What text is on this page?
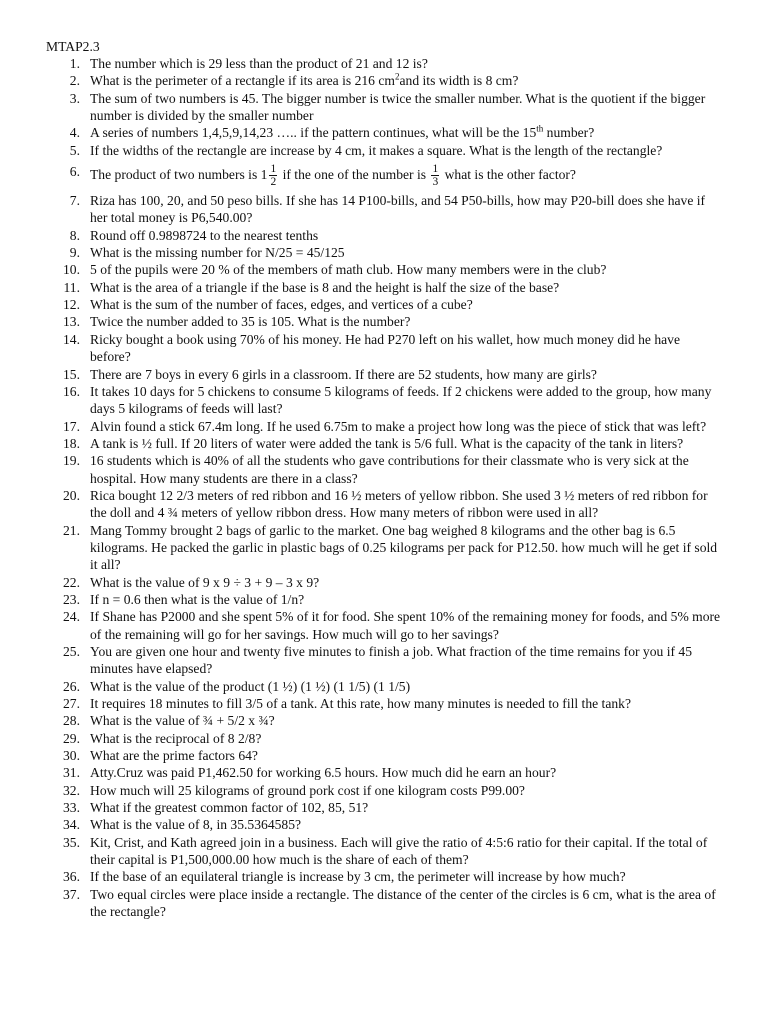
MTAP2.3
1. The number which is 29 less than the product of 21 and 12 is?
2. What is the perimeter of a rectangle if its area is 216 $cm^2and$ its width is 8 cm?
3. The sum of two numbers is 45. The bigger number is twice the smaller number. What is the quotient if the bigger number is divided by the smaller number
4. A series of numbers 1,4,5,9,14,23 ….. if the pattern continues, what will be the 15th number?
5. If the widths of the rectangle are increase by 4 cm, it makes a square. What is the length of the rectangle?
6. The product of two numbers is $1 \frac{1}{2}$ if the one of the number is $\frac{1}{3}$ what is the other factor?
7. Riza has 100, 20, and 50 peso bills. If she has 14 P100-bills, and 54 P50-bills, how may P20-bill does she have if her total money is P6,540.00?
8. Round off 0.9898724 to the nearest tenths
9. What is the missing number for N/25 = 45/125
10. 5 of the pupils were 20 % of the members of math club. How many members were in the club?
11. What is the area of a triangle if the base is 8 and the height is half the size of the base?
12. What is the sum of the number of faces, edges, and vertices of a cube?
13. Twice the number added to 35 is 105. What is the number?
14. Ricky bought a book using 70% of his money. He had P270 left on his wallet, how much money did he have before?
15. There are 7 boys in every 6 girls in a classroom. If there are 52 students, how many are girls?
16. It takes 10 days for 5 chickens to consume 5 kilograms of feeds. If 2 chickens were added to the group, how many days 5 kilograms of feeds will last?
17. Alvin found a stick 67.4m long. If he used 6.75m to make a project how long was the piece of stick that was left?
18. A tank is ½ full. If 20 liters of water were added the tank is 5/6 full. What is the capacity of the tank in liters?
19. 16 students which is 40% of all the students who gave contributions for their classmate who is very sick at the hospital. How many students are there in a class?
20. Rica bought 12 2/3 meters of red ribbon and 16 ½ meters of yellow ribbon. She used 3 ½ meters of red ribbon for the doll and 4 ¾ meters of yellow ribbon dress. How many meters of ribbon were used in all?
21. Mang Tommy brought 2 bags of garlic to the market. One bag weighed 8 kilograms and the other bag is 6.5 kilograms. He packed the garlic in plastic bags of 0.25 kilograms per pack for P12.50. how much will he get if sold it all?
22. What is the value of 9 x 9 ÷ 3 + 9 – 3 x 9?
23. If n = 0.6 then what is the value of 1/n?
24. If Shane has P2000 and she spent 5% of it for food. She spent 10% of the remaining money for foods, and 5% more of the remaining will go for her savings. How much will go to her savings?
25. You are given one hour and twenty five minutes to finish a job. What fraction of the time remains for you if 45 minutes have elapsed?
26. What is the value of the product (1 ½) (1 ½) (1 1/5) (1 1/5)
27. It requires 18 minutes to fill 3/5 of a tank. At this rate, how many minutes is needed to fill the tank?
28. What is the value of ¾ + 5/2 x ¾?
29. What is the reciprocal of 8 2/8?
30. What are the prime factors 64?
31. Atty.Cruz was paid P1,462.50 for working 6.5 hours. How much did he earn an hour?
32. How much will 25 kilograms of ground pork cost if one kilogram costs P99.00?
33. What if the greatest common factor of 102, 85, 51?
34. What is the value of 8, in 35.5364585?
35. Kit, Crist, and Kath agreed join in a business. Each will give the ratio of 4:5:6 ratio for their capital. If the total of their capital is P1,500,000.00 how much is the share of each of them?
36. If the base of an equilateral triangle is increase by 3 cm, the perimeter will increase by how much?
37. Two equal circles were place inside a rectangle. The distance of the center of the circles is 6 cm, what is the area of the rectangle?
